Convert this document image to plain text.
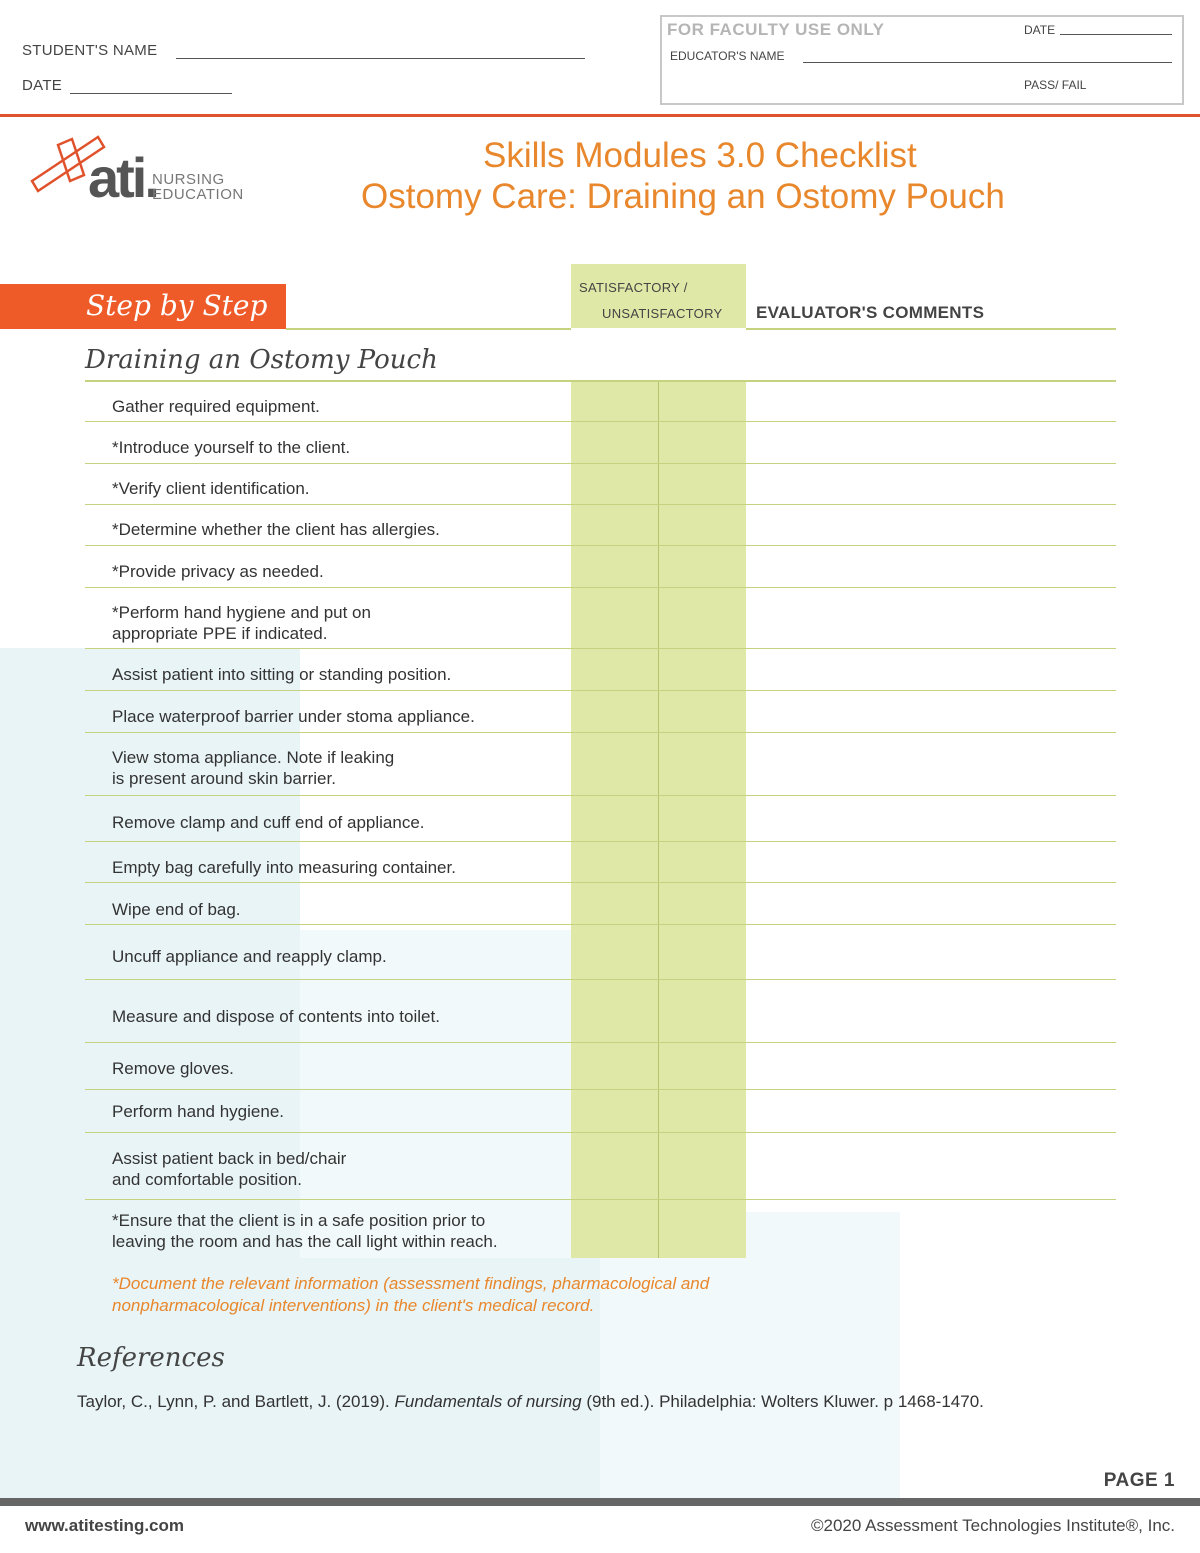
STUDENT'S NAME
DATE
FOR FACULTY USE ONLY	DATE
EDUCATOR'S NAME
PASS/ FAIL
ati.
NURSING
EDUCATION
Skills Modules 3.0 Checklist
Ostomy Care: Draining an Ostomy Pouch
SATISFACTORY /
UNSATISFACTORY EVALUATOR'S COMMENTS
Step by Step
Draining an Ostomy Pouch
Gather required equipment.
*Introduce yourself to the client.
*Verify client identification.
*Determine whether the client has allergies.
*Provide privacy as needed.
*Perform hand hygiene and put on
appropriate PPE if indicated.
Assist patient into sitting or standing position.
Place waterproof barrier under stoma appliance.
View stoma appliance. Note if leaking
is present around skin barrier.
Remove clamp and cuff end of appliance.
Empty bag carefully into measuring container.
Wipe end of bag.
Uncuff appliance and reapply clamp.
Measure and dispose of contents into toilet.
Remove gloves.
Perform hand hygiene.
Assist patient back in bed/chair
and comfortable position.
*Ensure that the client is in a safe position prior to
leaving the room and has the call light within reach.
*Document the relevant information (assessment findings, pharmacological and nonpharmacological interventions) in the client's medical record.
References
Taylor, C., Lynn, P. and Bartlett, J. (2019). Fundamentals of nursing (9th ed.). Philadelphia: Wolters Kluwer. p 1468-1470.
PAGE 1
www.atitesting.com	©2020 Assessment Technologies Institute®, Inc.
